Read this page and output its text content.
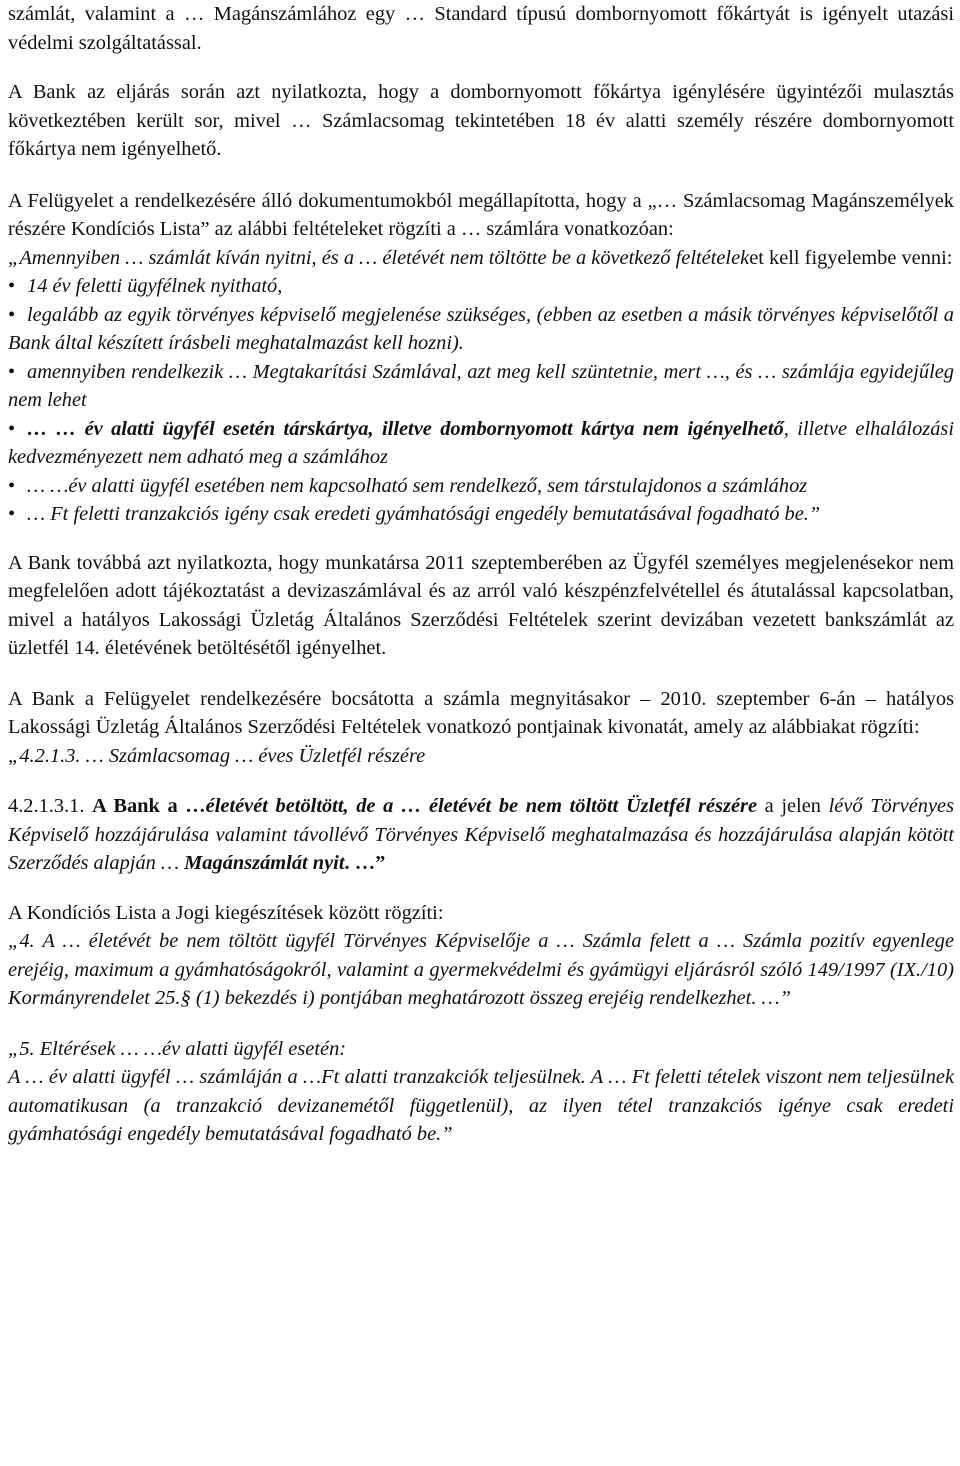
számlát, valamint a … Magánszámlához egy … Standard típusú dombornyomott főkártyát is igényelt utazási védelmi szolgáltatással.

A Bank az eljárás során azt nyilatkozta, hogy a dombornyomott főkártya igénylésére ügyintézői mulasztás következtében került sor, mivel … Számlacsomag tekintetében 18 év alatti személy részére dombornyomott főkártya nem igényelhető.

A Felügyelet a rendelkezésére álló dokumentumokból megállapította, hogy a „… Számlacsomag Magánszemélyek részére Kondíciós Lista” az alábbi feltételeket rögzíti a … számlára vonatkozóan:

„Amennyiben … számlát kíván nyitni, és a … életévét nem töltötte be a következő feltételeket kell figyelembe venni:

• 14 év feletti ügyfélnek nyitható,

• legalább az egyik törvényes képviselő megjelenése szükséges, (ebben az esetben a másik törvényes képviselőtől a Bank által készített írásbeli meghatalmazást kell hozni).

• amennyiben rendelkezik … Megtakarítási Számlával, azt meg kell szüntetnie, mert …, és … számlája egyidejűleg nem lehet

• … … év alatti ügyfél esetén társkártya, illetve dombornyomott kártya nem igényelhető, illetve elhalálozási kedvezményezett nem adható meg a számlához

• … …év alatti ügyfél esetében nem kapcsolható sem rendelkező, sem társtulajdonos a számlához

• … Ft feletti tranzakciós igény csak eredeti gyámhatósági engedély bemutatásával fogadható be.”

A Bank továbbá azt nyilatkozta, hogy munkatársa 2011 szeptemberében az Ügyfél személyes megjelenésekor nem megfelelően adott tájékoztatást a devizaszámlával és az arról való készpénzfelvétellel és átutalással kapcsolatban, mivel a hatályos Lakossági Üzletág Általános Szerződési Feltételek szerint devizában vezetett bankszámlát az üzletfél 14. életévének betöltésétől igényelhet.

A Bank a Felügyelet rendelkezésére bocsátotta a számla megnyitásakor – 2010. szeptember 6-án – hatályos Lakossági Üzletág Általános Szerződési Feltételek vonatkozó pontjainak kivonatát, amely az alábbiakat rögzíti:

„4.2.1.3. … Számlacsomag … éves Üzletfél részére

4.2.1.3.1. A Bank a …életévét betöltött, de a … életévét be nem töltött Üzletfél részére a jelen lévő Törvényes Képviselő hozzájárulása valamint távollévő Törvényes Képviselő meghatalmazása és hozzájárulása alapján kötött Szerződés alapján … Magánszámlát nyit. …”

A Kondíciós Lista a Jogi kiegészítések között rögzíti:

„4. A … életévét be nem töltött ügyfél Törvényes Képviselője a … Számla felett a … Számla pozitív egyenlege erejéig, maximum a gyámhatóságokról, valamint a gyermekvédelmi és gyámügyi eljárásról szóló 149/1997 (IX./10) Kormányrendelet 25.§ (1) bekezdés i) pontjában meghatározott összeg erejéig rendelkezhet. …”

„5. Eltérések … …év alatti ügyfél esetén:

A … év alatti ügyfél … számláján a …Ft alatti tranzakciók teljesülnek. A … Ft feletti tételek viszont nem teljesülnek automatikusan (a tranzakció devizanemétől függetlenül), az ilyen tétel tranzakciós igénye csak eredeti gyámhatósági engedély bemutatásával fogadható be.”
